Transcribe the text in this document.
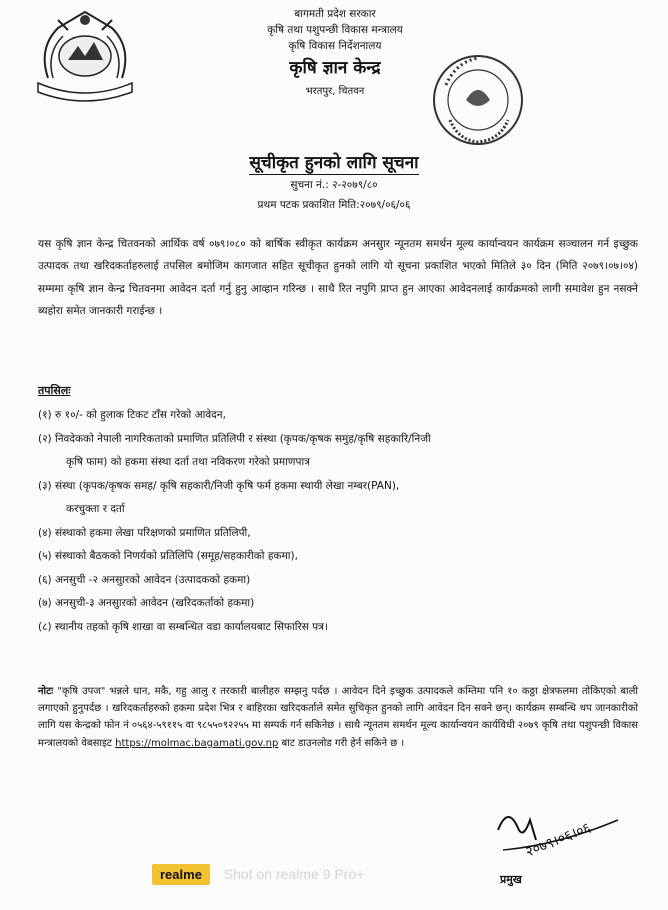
बागमती प्रदेश सरकार
कृषि तथा पशुपन्छी विकास मन्त्रालय
कृषि विकास निर्देशनालय
कृषि ज्ञान केन्द्र
भरतपुर, चितवन
सूचीकृत हुनको लागि सूचना
सुचना नं.: २-२०७९/८०
प्रथम पटक प्रकाशित मिति:२०७९/०६/०६

यस कृषि ज्ञान केन्द्र चितवनको आर्थिक वर्ष ०७९।०८० को बार्षिक स्वीकृत कार्यक्रम अनसुार न्यूनतम समर्थन मूल्य कार्यान्वयन कार्यक्रम सञ्चालन गर्न इच्छुक उत्पादक तथा खरिदकर्ताहरुलाई तपसिल बमोजिम कागजात सहित सूचीकृत हुनको लागि यो सूचना प्रकाशित भएको मितिले ३० दिन (मिति २०७९।०७।०४) सम्ममा कृषि ज्ञान केन्द्र चितवनमा आवेदन दर्ता गर्नु हुनु आव्हान गरिन्छ । साथै रित नपुगि प्राप्त हुन आएका आवेदनलाई कार्यक्रमको लागी समावेश हुन नसक्ने ब्यहोरा समेत जानकारी गराईन्छ ।

तपसिलः
(१) रु १०/- को हुलाक टिकट टाँस गरेको आवेदन,
(२) निवदेकको नेपाली नागरिकताको प्रमाणित प्रतिलिपी र संस्था (कृपक/कृषक समुह/कृषि सहकारि/निजी
कृषि फाम) को हकमा संस्था दर्ता तथा नविकरण गरेको प्रमाणपात्र
(३) संस्था (कृपक/कृषक समह/ कृषि सहकारी/निजी कृषि फर्म हकमा स्थायी लेखा नम्बर(PAN),
करचुक्ता र दर्ता
(४) संस्थाको हकमा लेखा परिक्षणको प्रमाणित प्रतिलिपी,
(५) संस्थाको बैठकको निणर्यको प्रतिलिपि (समूह/सहकारीको हकमा),
(६) अनसुची -२ अनसुारको आवेदन (उत्पादकको हकमा)
(७) अनसुची-३ अनसुारको आवेदन (खरिदकर्ताको हकमा)
(८) स्थानीय तहको कृषि शाखा वा सम्बन्धित वडा कार्यालयबाट सिफारिस पत्र।

नोटः "कृषि उपज" भन्नले धान, मकै, गहु आलु र तरकारी बालीहरु सम्झनु पर्दछ । आवेदन दिने इच्छुक उत्पादकले कम्तिमा पनि १० कठ्ठा क्षेत्रफलमा तोकिएको बाली लगाएको हुनुपर्दछ । खरिदकर्ताहरुको हकमा प्रदेश भित्र र बाहिरका खरिदकर्ताले समेत सुचिकृत हुनको लागि आवेदन दिन सक्ने छन्। कार्यक्रम सम्बन्धि थप जानकारीको लागि यस केन्द्रको फोन नं ०५६४-५९११५ वा ९८५५०९२२५५ मा सम्पर्क गर्न सकिनेछ । साथै न्यूनतम समर्थन मूल्य कार्यान्वयन कार्यविधी २०७९ कृषि तथा पशुपन्छी विकास मन्त्रालयको वेबसाइट https://molmac.bagamati.gov.np बाट डाउनलोड गरी हेर्न सकिने छ ।

२०७९।०६।०६
प्रमुख
realme Shot on realme 9 Pro+
